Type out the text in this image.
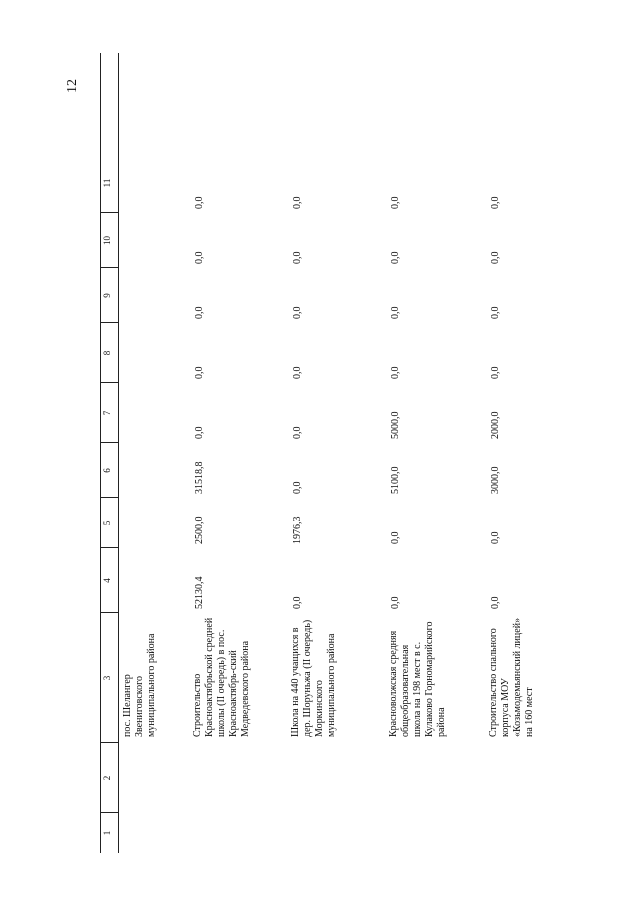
12
1
2
3
4
5
6
7
8
9
10
11
пос. Шелангер Звениговского муниципального района	Строительство Красноактябрьской средней школы (II очередь) в пос. Красноактябрь-ский Медведевского района
52130,4
2500,0
31518,8
0,0
0,0
0,0
0,0
0,0
Школа на 440 учащихся в дер. Шоруньжа (II очередь) Моркинского муниципального района
0,0
1976,3
0,0
0,0
0,0
0,0
0,0
0,0
Красноволжская средняя общеобразовательная школа на 198 мест в с. Кулаково Горномарийского района
0,0
0,0
5100,0
5000,0
0,0
0,0
0,0
0,0
Строительство спального корпуса МОУ «Козьмодемьянский лицей» на 160 мест
0,0
0,0
3000,0
2000,0
0,0
0,0
0,0
0,0
